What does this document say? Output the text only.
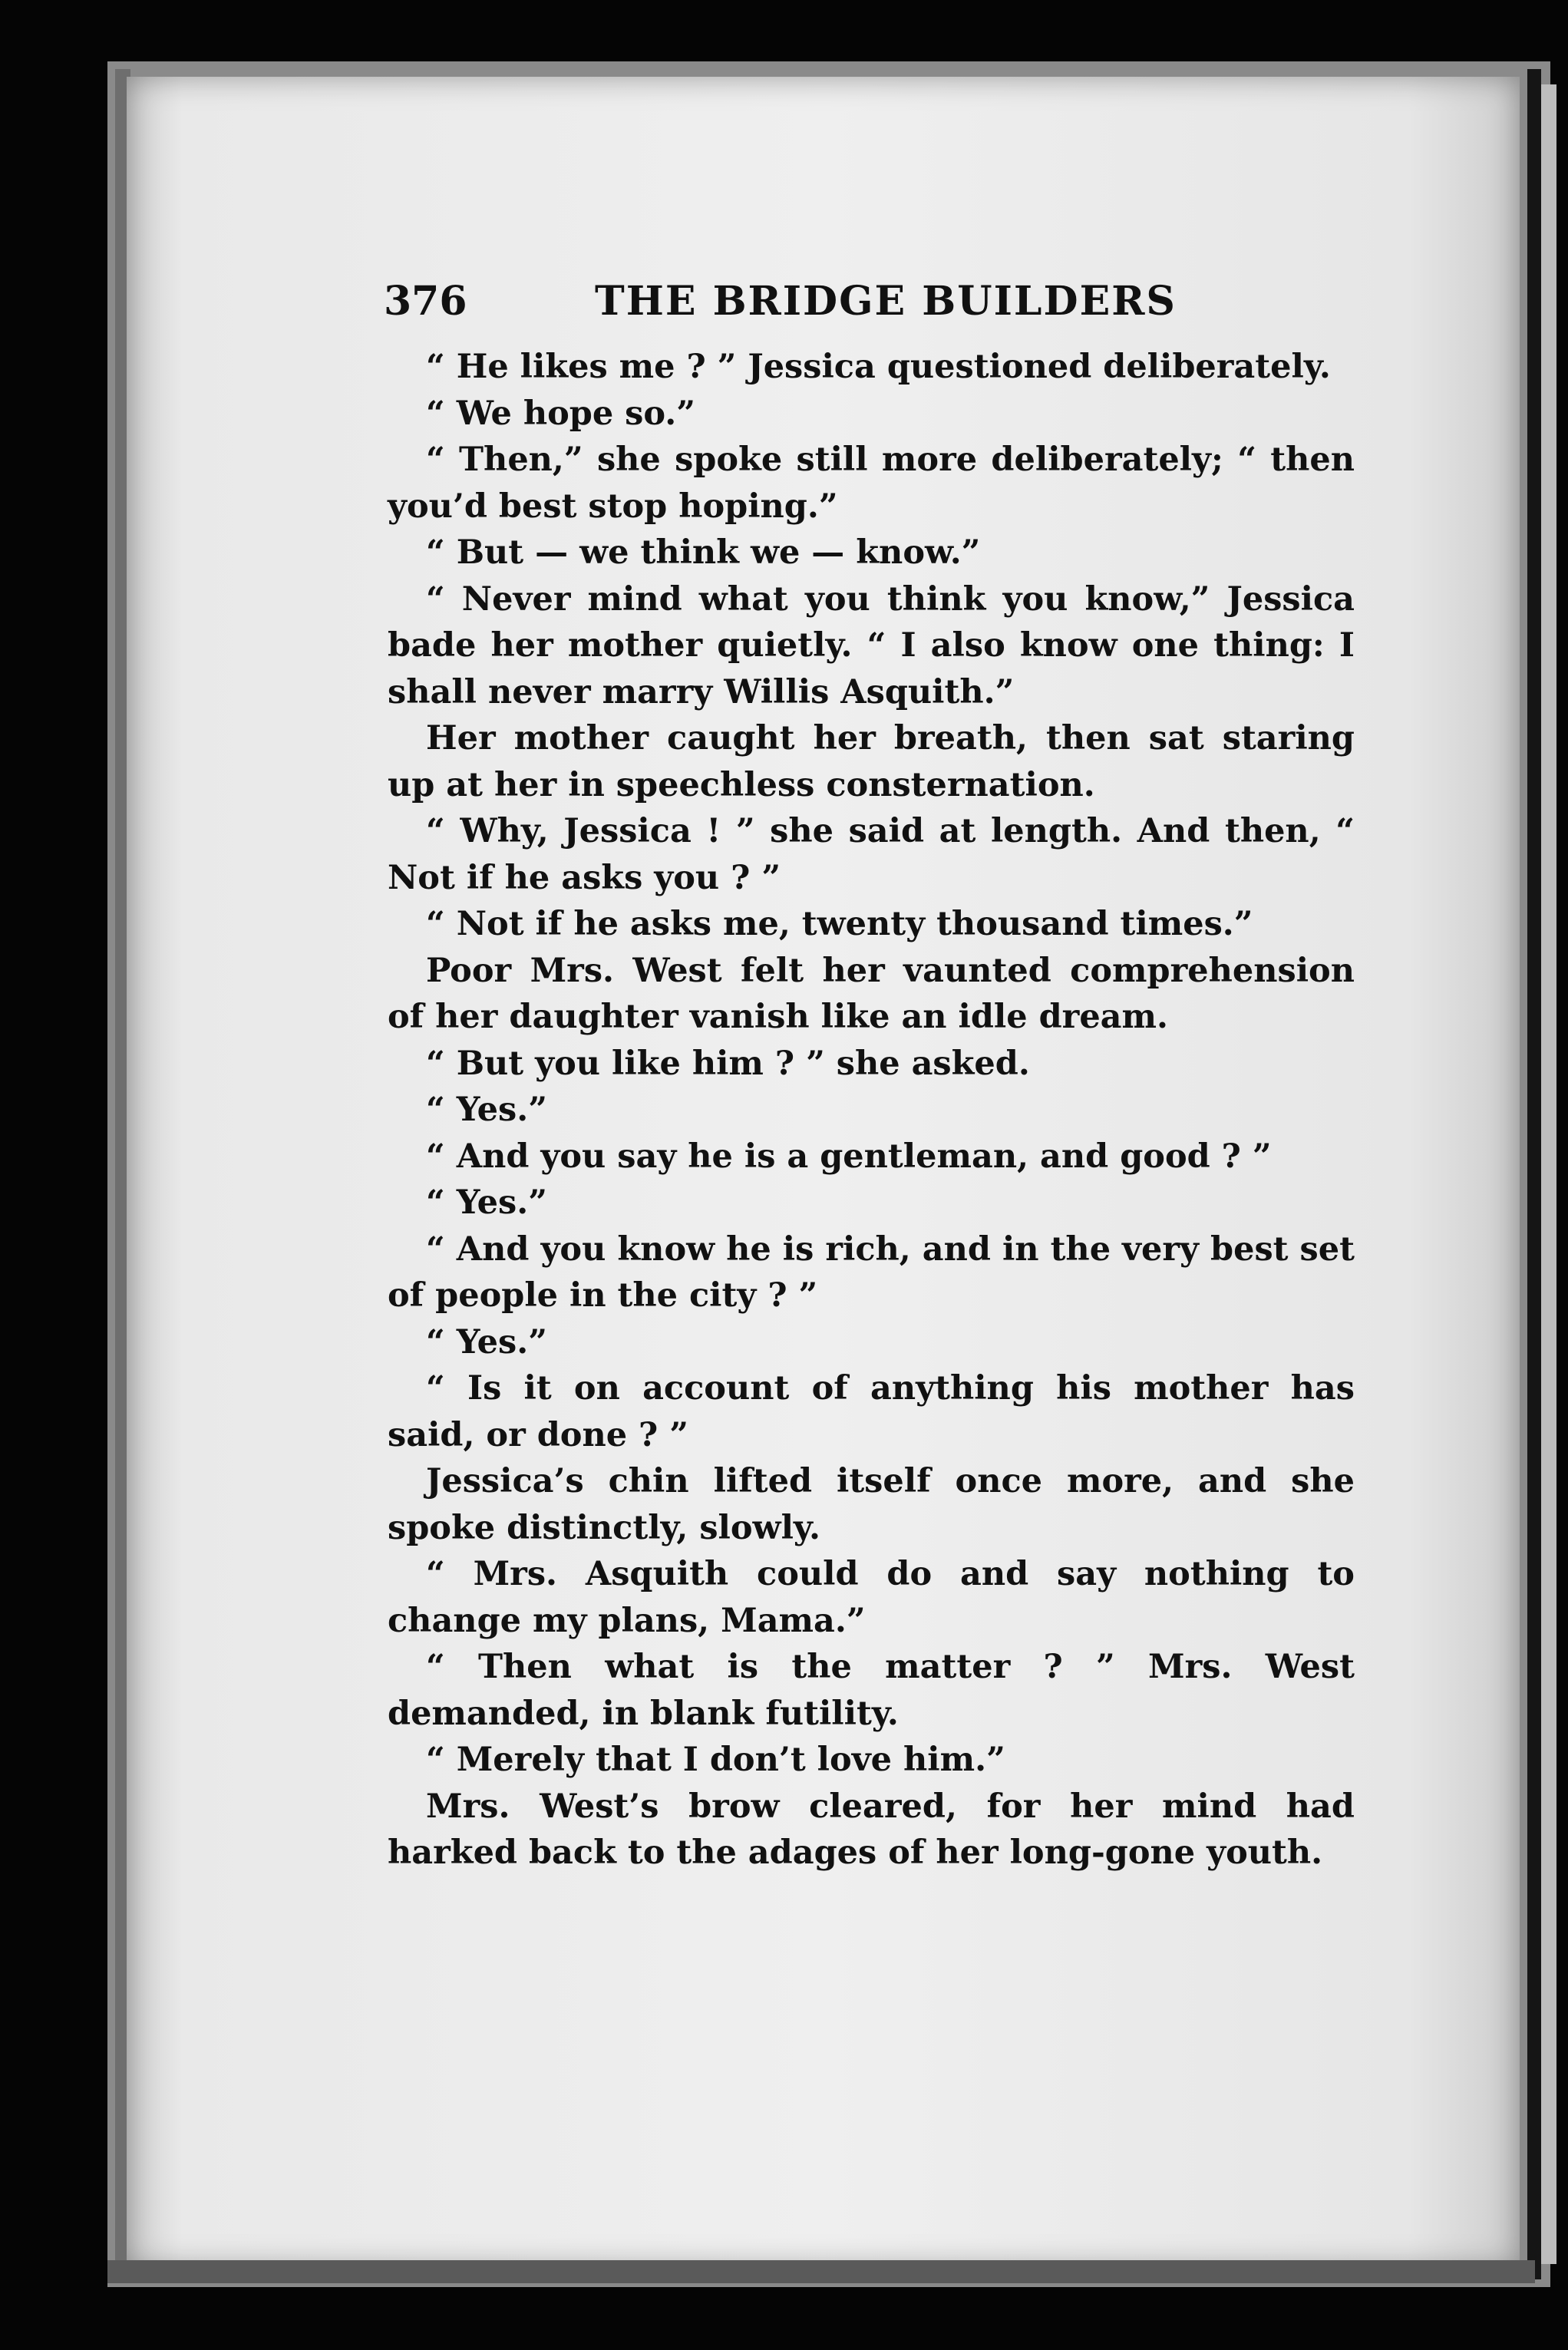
376	THE BRIDGE BUILDERS

“ He likes me ? ” Jessica questioned deliberately.

“ We hope so.”

“ Then,” she spoke still more deliberately; “ then you’d best stop hoping.”

“ But — we think we — know.”

“ Never mind what you think you know,” Jessica bade her mother quietly. “ I also know one thing: I shall never marry Willis Asquith.”

Her mother caught her breath, then sat staring up at her in speechless consternation.

“ Why, Jessica ! ” she said at length. And then, “ Not if he asks you ? ”

“ Not if he asks me, twenty thousand times.”

Poor Mrs. West felt her vaunted comprehension of her daughter vanish like an idle dream.

“ But you like him ? ” she asked.

“ Yes.”

“ And you say he is a gentleman, and good ? ”

“ Yes.”

“ And you know he is rich, and in the very best set of people in the city ? ”

“ Yes.”

“ Is it on account of anything his mother has said, or done ? ”

Jessica’s chin lifted itself once more, and she spoke distinctly, slowly.

“ Mrs. Asquith could do and say nothing to change my plans, Mama.”

“ Then what is the matter ? ” Mrs. West demanded, in blank futility.

“ Merely that I don’t love him.”

Mrs. West’s brow cleared, for her mind had harked back to the adages of her long-gone youth.
